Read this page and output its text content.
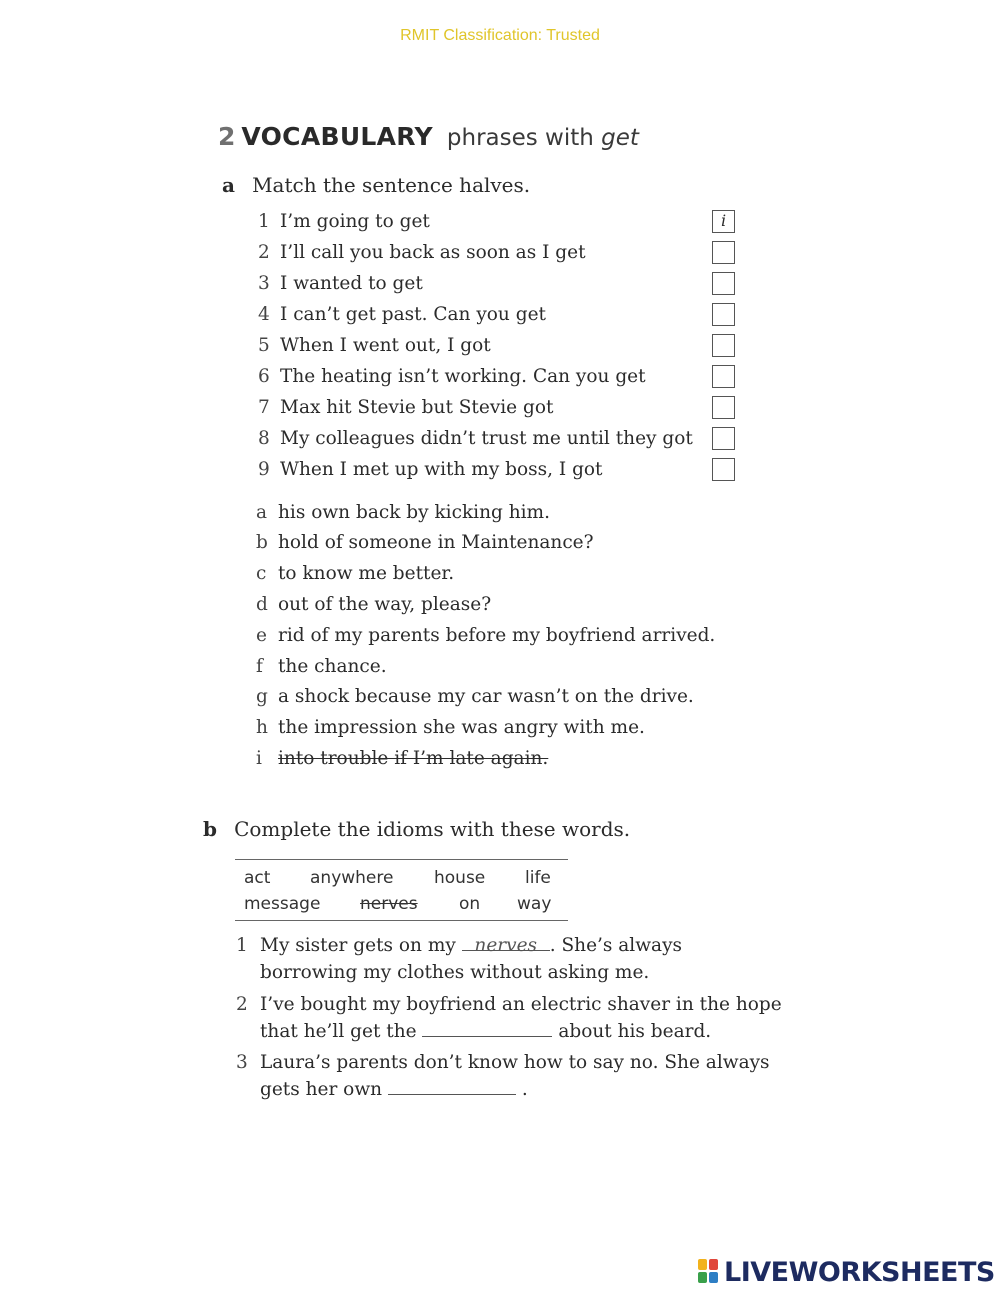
RMIT Classification: Trusted
2 VOCABULARY phrases with get
a Match the sentence halves.
1 I’m going to get
2 I’ll call you back as soon as I get
3 I wanted to get
4 I can’t get past. Can you get
5 When I went out, I got
6 The heating isn’t working. Can you get
7 Max hit Stevie but Stevie got
8 My colleagues didn’t trust me until they got
9 When I met up with my boss, I got
i
a his own back by kicking him.
b hold of someone in Maintenance?
c to know me better.
d out of the way, please?
e rid of my parents before my boyfriend arrived.
f the chance.
g a shock because my car wasn’t on the drive.
h the impression she was angry with me.
i into trouble if I’m late again.
b Complete the idioms with these words.
act anywhere house life
message nerves on way
1 My sister gets on my nerves . She’s always
borrowing my clothes without asking me.
2 I’ve bought my boyfriend an electric shaver in the hope
that he’ll get the	about his beard.
3 Laura’s parents don’t know how to say no. She always
gets her own	.
LIVEWORKSHEETS
